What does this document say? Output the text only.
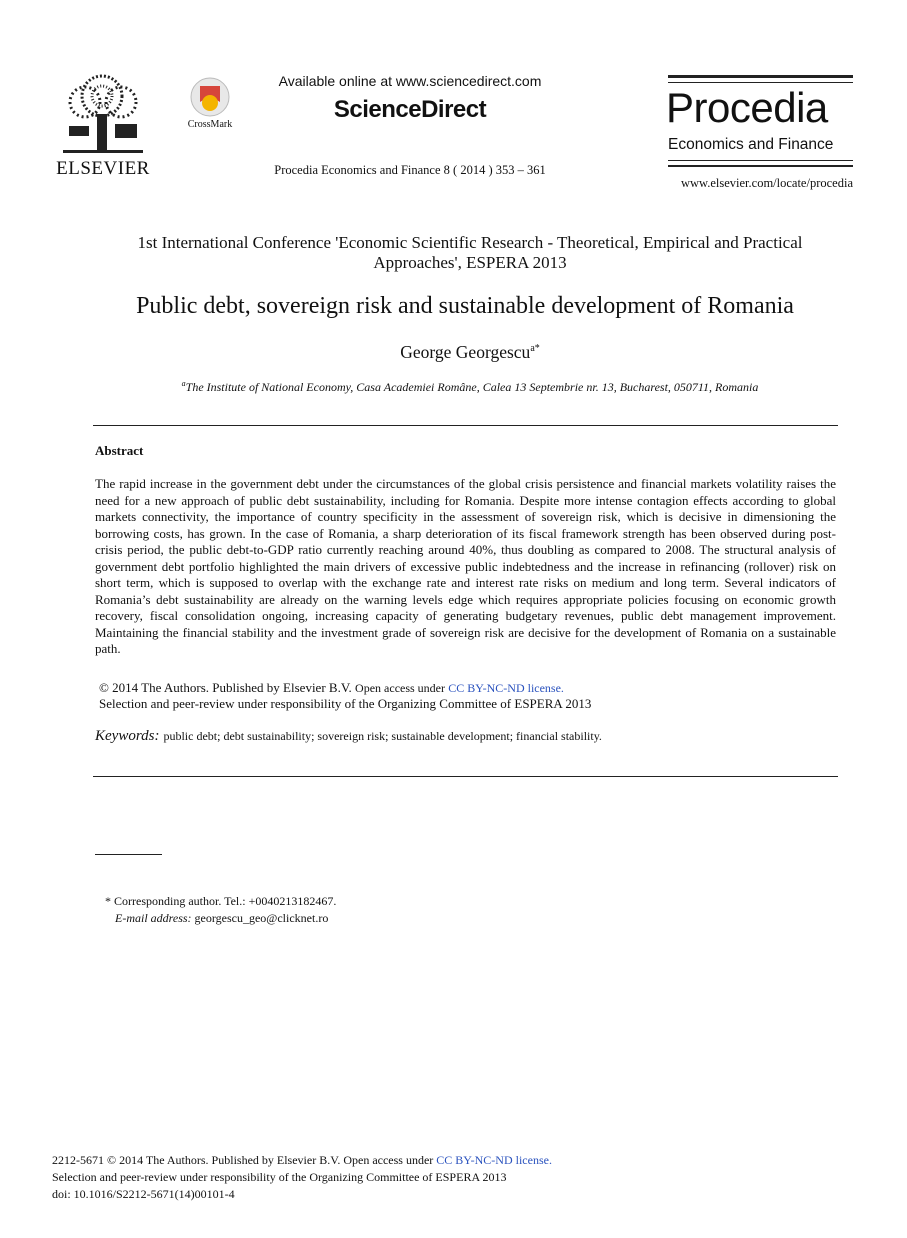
ELSEVIER
CrossMark
Available online at www.sciencedirect.com
ScienceDirect
Procedia Economics and Finance 8 ( 2014 ) 353 – 361
Procedia
Economics and Finance
www.elsevier.com/locate/procedia
1st International Conference 'Economic Scientific Research - Theoretical, Empirical and Practical
Approaches', ESPERA 2013
Public debt, sovereign risk and sustainable development of Romania
George Georgescu$^{a*}$
$^a$The Institute of National Economy, Casa Academiei Române, Calea 13 Septembrie nr. 13, Bucharest, 050711, Romania
Abstract
The rapid increase in the government debt under the circumstances of the global crisis persistence and financial markets volatility raises the need for a new approach of public debt sustainability, including for Romania. Despite more intense contagion effects according to global markets connectivity, the importance of country specificity in the assessment of sovereign risk, which is decisive in dimensioning the borrowing costs, has grown. In the case of Romania, a sharp deterioration of its fiscal framework strength has been observed during post-crisis period, the public debt-to-GDP ratio currently reaching around 40%, thus doubling as compared to 2008. The structural analysis of government debt portfolio highlighted the main drivers of excessive public indebtedness and the increase in refinancing (rollover) risk on short term, which is supposed to overlap with the exchange rate and interest rate risks on medium and long term. Several indicators of Romania’s debt sustainability are already on the warning levels edge which requires appropriate policies focusing on economic growth recovery, fiscal consolidation ongoing, increasing capacity of generating budgetary revenues, public debt management improvement. Maintaining the financial stability and the investment grade of sovereign risk are decisive for the development of Romania on a sustainable path.
© 2014 The Authors. Published by Elsevier B.V. Open access under CC BY-NC-ND license.
Selection and peer-review under responsibility of the Organizing Committee of ESPERA 2013
Keywords: public debt; debt sustainability; sovereign risk; sustainable development; financial stability.
* Corresponding author. Tel.: +0040213182467.
E-mail address: georgescu_geo@clicknet.ro
2212-5671 © 2014 The Authors. Published by Elsevier B.V. Open access under CC BY-NC-ND license.
Selection and peer-review under responsibility of the Organizing Committee of ESPERA 2013
doi: 10.1016/S2212-5671(14)00101-4
